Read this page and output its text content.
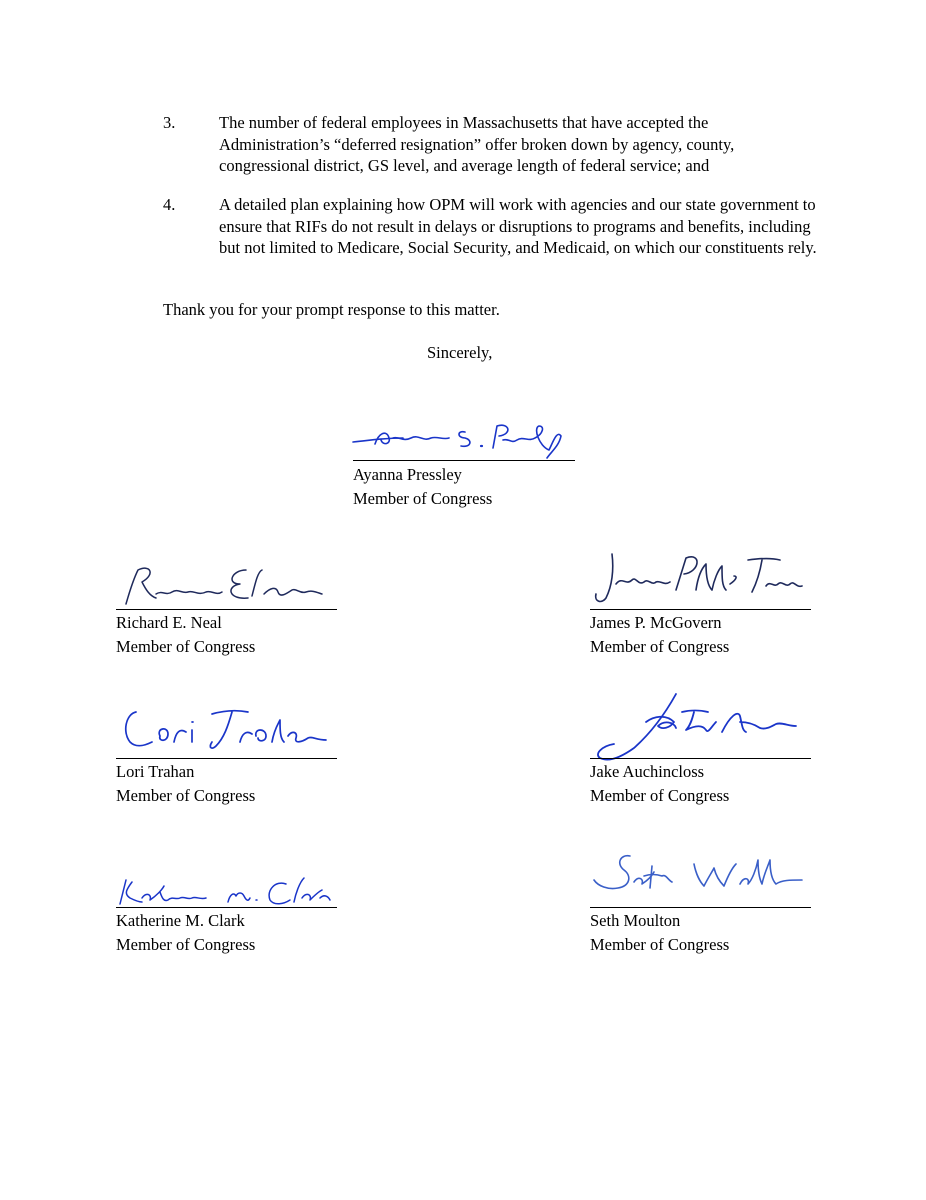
3.	The number of federal employees in Massachusetts that have accepted the Administration’s “deferred resignation” offer broken down by agency, county, congressional district, GS level, and average length of federal service; and
4.	A detailed plan explaining how OPM will work with agencies and our state government to ensure that RIFs do not result in delays or disruptions to programs and benefits, including but not limited to Medicare, Social Security, and Medicaid, on which our constituents rely.
Thank you for your prompt response to this matter.
Sincerely,
Ayanna Pressley
Member of Congress
Richard E. Neal
Member of Congress
James P. McGovern
Member of Congress
Lori Trahan
Member of Congress
Jake Auchincloss
Member of Congress
Katherine M. Clark
Member of Congress
Seth Moulton
Member of Congress
